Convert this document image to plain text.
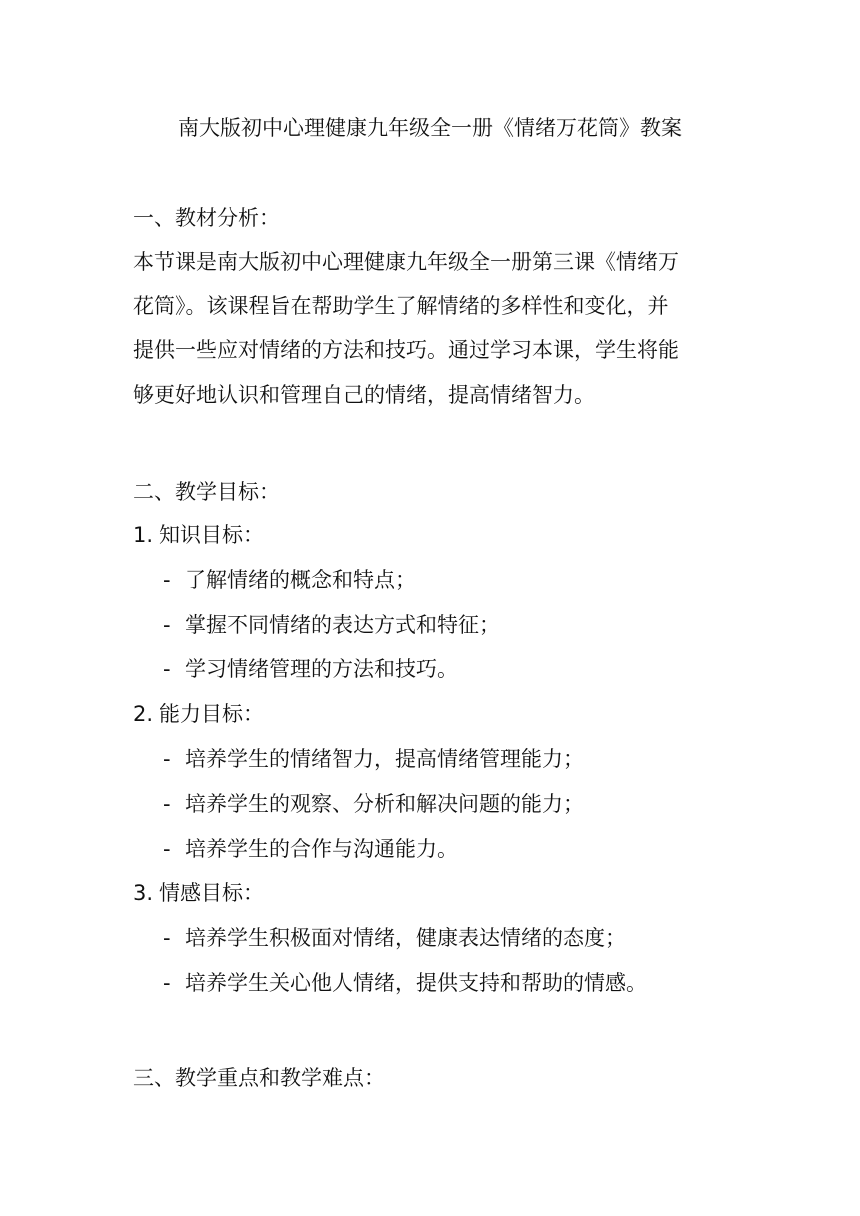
南大版初中心理健康九年级全一册《情绪万花筒》教案
一、教材分析：
本节课是南大版初中心理健康九年级全一册第三课《情绪万
花筒》。该课程旨在帮助学生了解情绪的多样性和变化，并
提供一些应对情绪的方法和技巧。通过学习本课，学生将能
够更好地认识和管理自己的情绪，提高情绪智力。
二、教学目标：
1. 知识目标：
- 了解情绪的概念和特点；
- 掌握不同情绪的表达方式和特征；
- 学习情绪管理的方法和技巧。
2. 能力目标：
- 培养学生的情绪智力，提高情绪管理能力；
- 培养学生的观察、分析和解决问题的能力；
- 培养学生的合作与沟通能力。
3. 情感目标：
- 培养学生积极面对情绪，健康表达情绪的态度；
- 培养学生关心他人情绪，提供支持和帮助的情感。
三、教学重点和教学难点：
